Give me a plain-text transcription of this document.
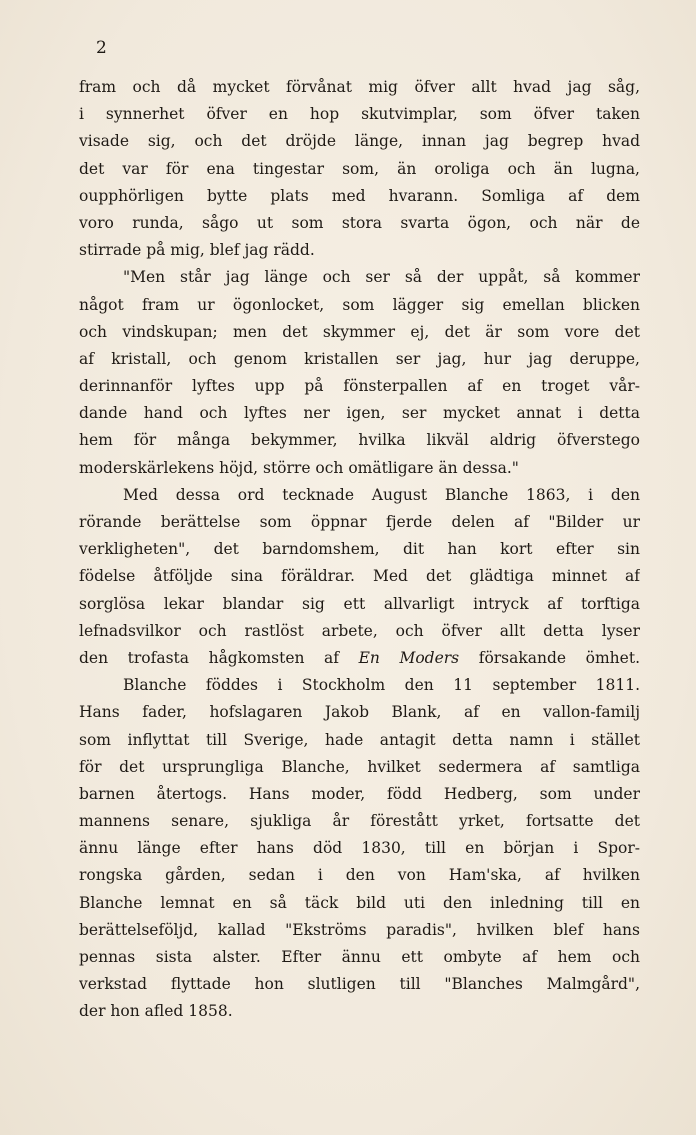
2
fram och då mycket förvånat mig öfver allt hvad jag såg,
i synnerhet öfver en hop skutvimplar, som öfver taken
visade sig, och det dröjde länge, innan jag begrep hvad
det var för ena tingestar som, än oroliga och än lugna,
oupphörligen bytte plats med hvarann. Somliga af dem
voro runda, sågo ut som stora svarta ögon, och när de
stirrade på mig, blef jag rädd.
"Men står jag länge och ser så der uppåt, så kommer
något fram ur ögonlocket, som lägger sig emellan blicken
och vindskupan; men det skymmer ej, det är som vore det
af kristall, och genom kristallen ser jag, hur jag deruppe,
derinnanför lyftes upp på fönsterpallen af en troget vår-
dande hand och lyftes ner igen, ser mycket annat i detta
hem för många bekymmer, hvilka likväl aldrig öfverstego
moderskärlekens höjd, större och omätligare än dessa."
Med dessa ord tecknade August Blanche 1863, i den
rörande berättelse som öppnar fjerde delen af "Bilder ur
verkligheten", det barndomshem, dit han kort efter sin
födelse åtföljde sina föräldrar. Med det glädtiga minnet af
sorglösa lekar blandar sig ett allvarligt intryck af torftiga
lefnadsvilkor och rastlöst arbete, och öfver allt detta lyser
den trofasta hågkomsten af En Moders försakande ömhet.
Blanche föddes i Stockholm den 11 september 1811.
Hans fader, hofslagaren Jakob Blank, af en vallon-familj
som inflyttat till Sverige, hade antagit detta namn i stället
för det ursprungliga Blanche, hvilket sedermera af samtliga
barnen återtogs. Hans moder, född Hedberg, som under
mannens senare, sjukliga år förestått yrket, fortsatte det
ännu länge efter hans död 1830, till en början i Spor-
rongska gården, sedan i den von Ham'ska, af hvilken
Blanche lemnat en så täck bild uti den inledning till en
berättelseföljd, kallad "Ekströms paradis", hvilken blef hans
pennas sista alster. Efter ännu ett ombyte af hem och
verkstad flyttade hon slutligen till "Blanches Malmgård",
der hon afled 1858.
